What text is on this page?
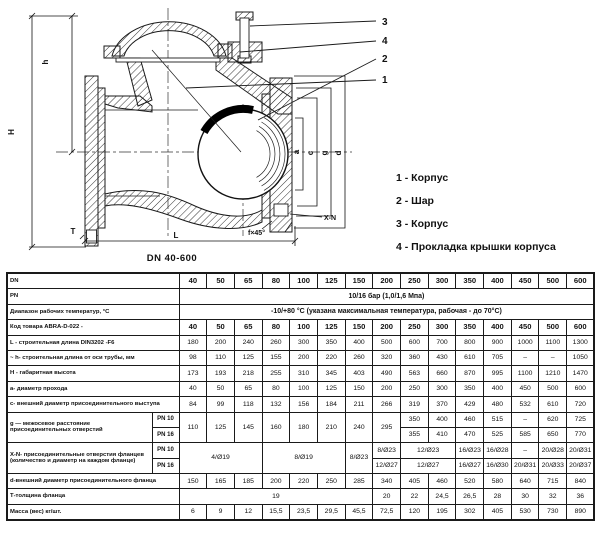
H
h
L
T	f×45°
a c g d
X-N
3
4
2
1
1 - Корпус
2 - Шар
3 - Корпус
4 - Прокладка крышки корпуса
DN 40-600
DN		40	50	65	80	100	125	150	200	250	300	350	400	450	500	600
PN		10/16 бар (1,0/1,6 Мпа)														
Диапазон рабочих температур, °С		-10/+80 °С (указана максимальная температура, рабочая - до 70°С)														
Код товара ABRA-D-022 -		40	50	65	80	100	125	150	200	250	300	350	400	450	500	600
L - строительная длина DIN3202 -F6		180	200	240	260	300	350	400	500	600	700	800	900	1000	1100	1300
~ h- строительная длина от оси трубы, мм		98	110	125	155	200	220	260	320	360	430	610	705	–	–	1050
Н - габаритная высота		173	193	218	255	310	345	403	490	563	660	870	995	1100	1210	1470
а- диаметр прохода		40	50	65	80	100	125	150	200	250	300	350	400	450	500	600
с- внешний диаметр присоединительного выступа		84	99	118	132	156	184	211	266	319	370	429	480	532	610	720
g — межосевое расстояние присоединительных отверстий	PN 10	110	125	145	160	180	210	240	295	350	400	460	515	–	620	725
	PN 16									355	410	470	525	585	650	770
X-N- присоединительные отверстия фланцев (количество и диаметр на каждом фланце)	PN 10	4/Ø19			8/Ø19			8/Ø23	8/Ø23	12/Ø23		16/Ø23	16/Ø28	–	20/Ø28	20/Ø31
	PN 16								12/Ø27	12/Ø27		16/Ø27	16/Ø30	20/Ø31	20/Ø33	20/Ø37
d-внешний диаметр присоединительного фланца		150	165	185	200	220	250	285	340	405	460	520	580	640	715	840
Т-толщина фланца		19							20	22	24,5	26,5	28	30	32	36
Масса (вес) кг/шт.		6	9	12	15,5	23,5	29,5	45,5	72,5	120	195	302	405	530	730	890
